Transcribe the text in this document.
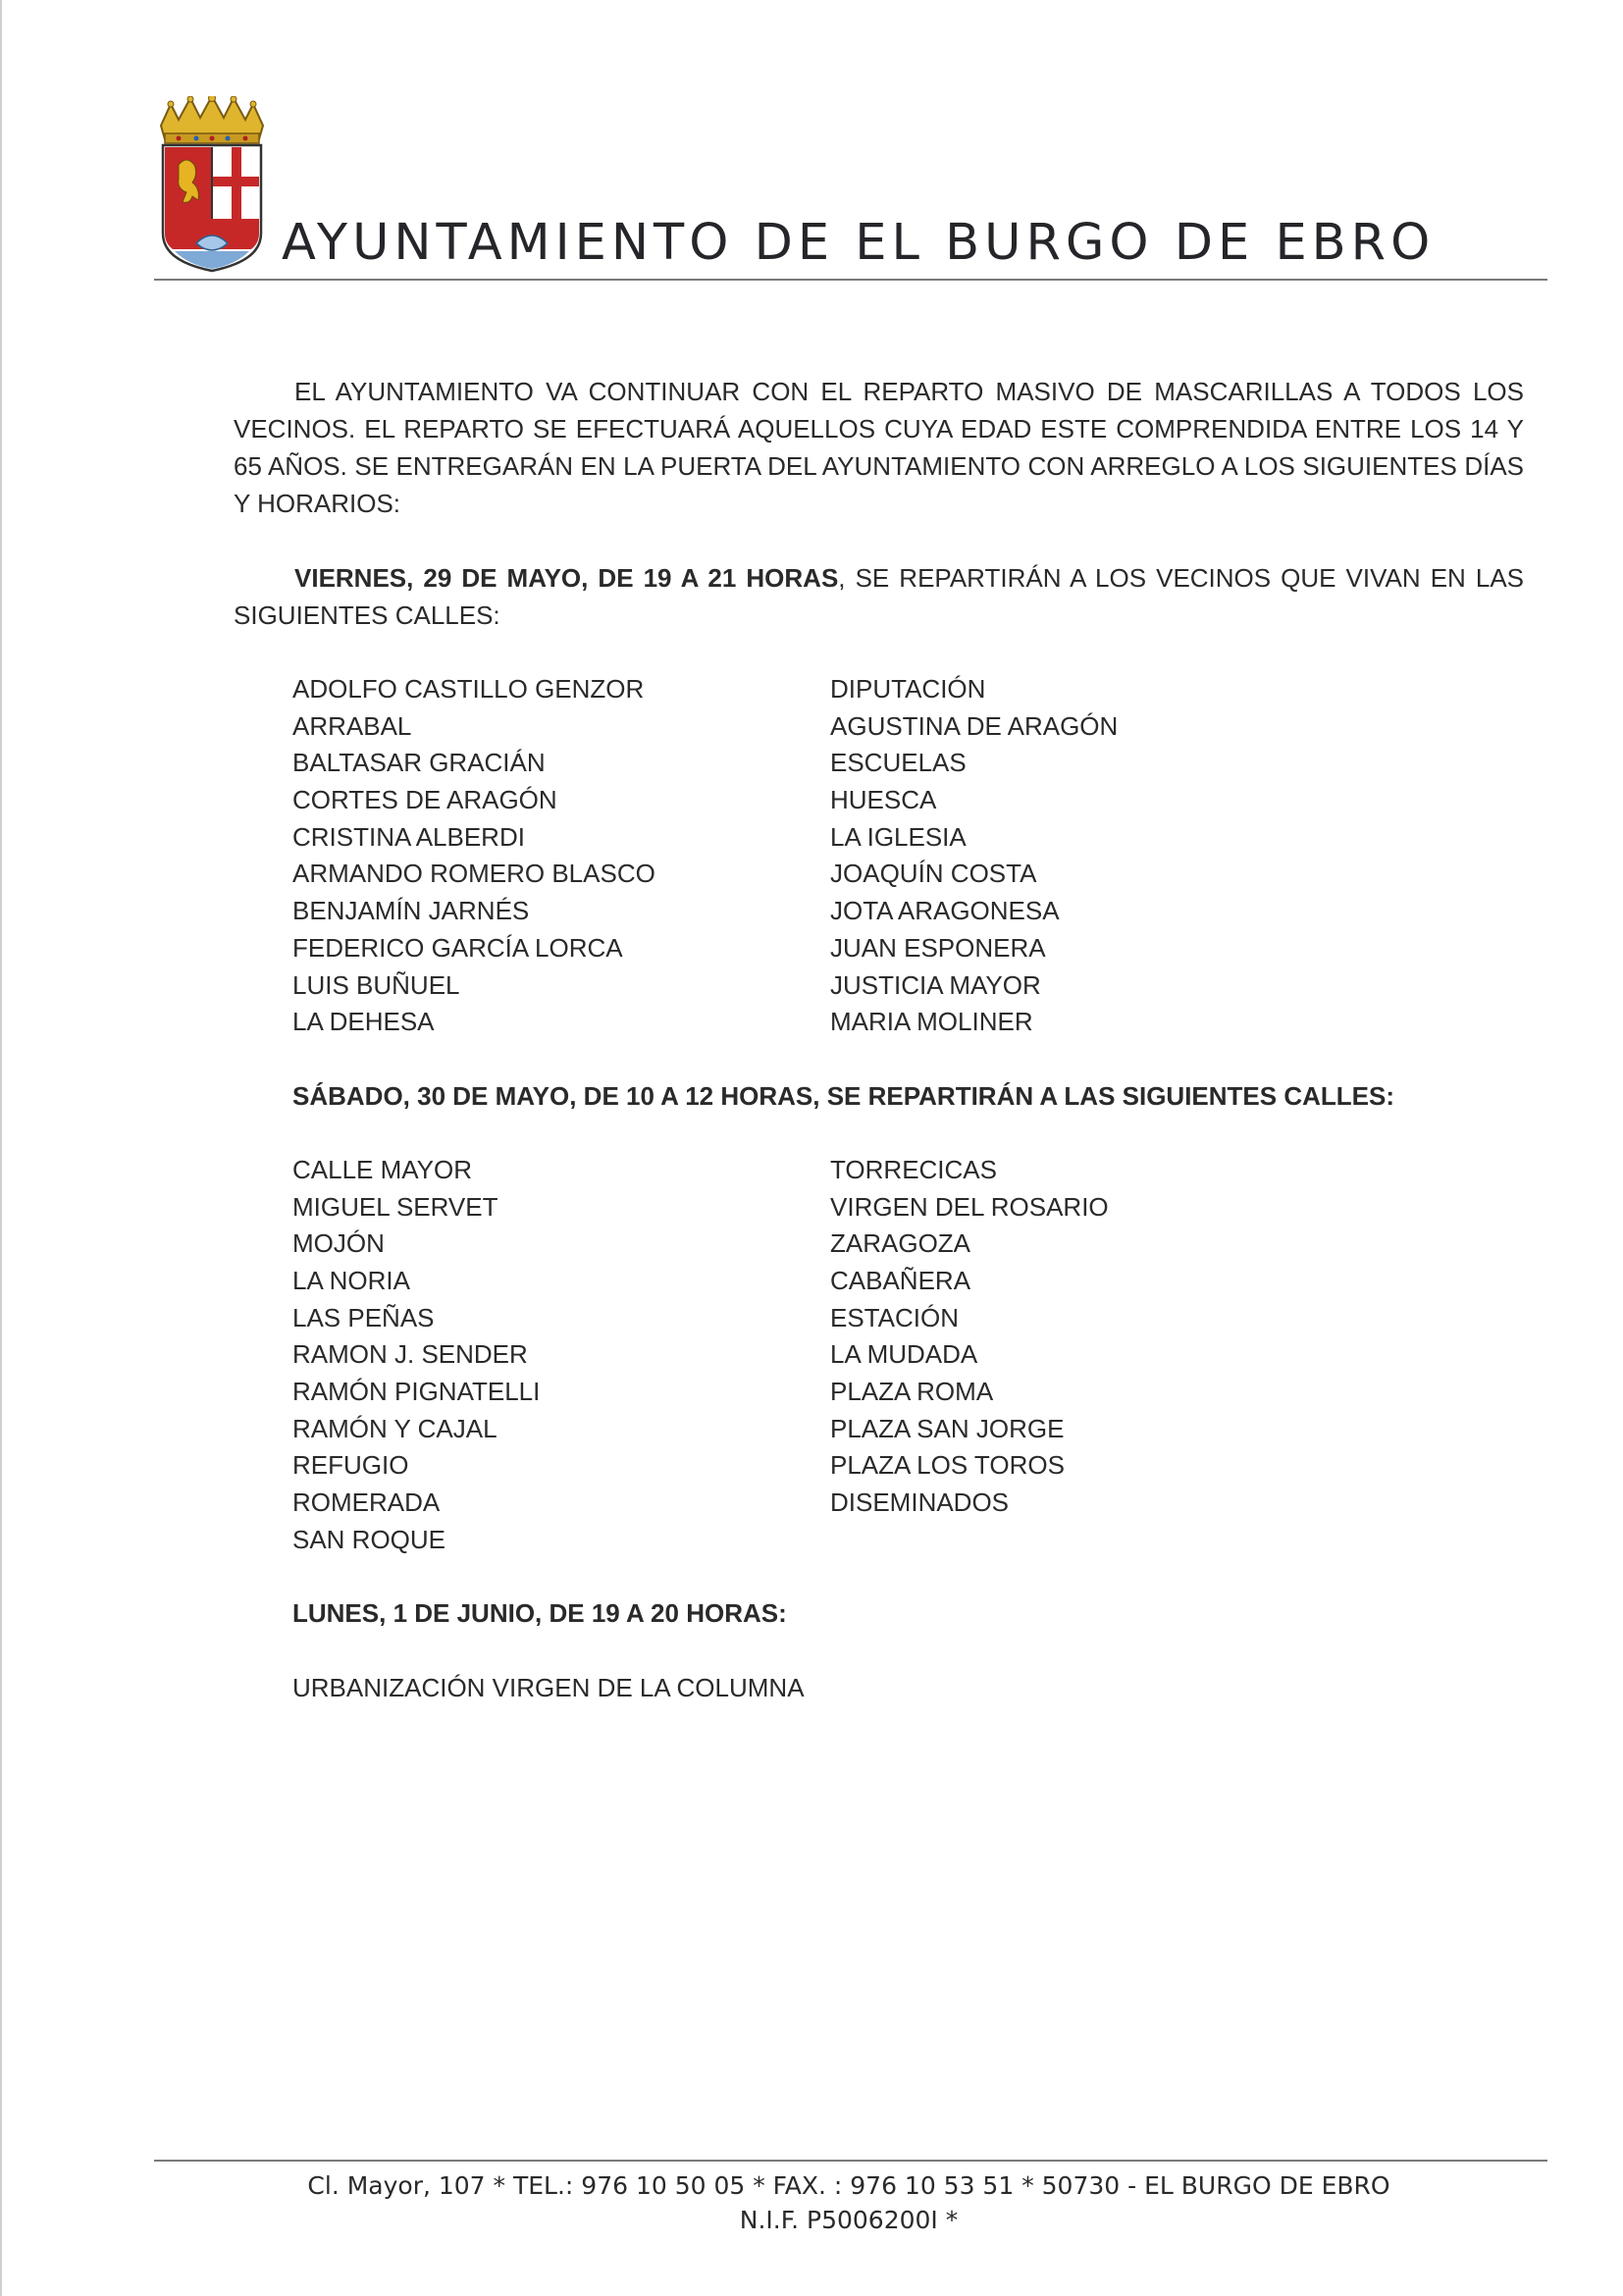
AYUNTAMIENTO DE EL BURGO DE EBRO

EL AYUNTAMIENTO VA CONTINUAR CON EL REPARTO MASIVO DE MASCARILLAS A TODOS LOS VECINOS. EL REPARTO SE EFECTUARÁ AQUELLOS CUYA EDAD ESTE COMPRENDIDA ENTRE LOS 14 Y 65 AÑOS. SE ENTREGARÁN EN LA PUERTA DEL AYUNTAMIENTO CON ARREGLO A LOS SIGUIENTES DÍAS Y HORARIOS:

VIERNES, 29 DE MAYO, DE 19 A 21 HORAS, SE REPARTIRÁN A LOS VECINOS QUE VIVAN EN LAS SIGUIENTES CALLES:

ADOLFO CASTILLO GENZOR
ARRABAL
BALTASAR GRACIÁN
CORTES DE ARAGÓN
CRISTINA ALBERDI
ARMANDO ROMERO BLASCO
BENJAMÍN JARNÉS
FEDERICO GARCÍA LORCA
LUIS BUÑUEL
LA DEHESA
DIPUTACIÓN
AGUSTINA DE ARAGÓN
ESCUELAS
HUESCA
LA IGLESIA
JOAQUÍN COSTA
JOTA ARAGONESA
JUAN ESPONERA
JUSTICIA MAYOR
MARIA MOLINER
SÁBADO, 30 DE MAYO, DE 10 A 12 HORAS, SE REPARTIRÁN A LAS SIGUIENTES CALLES:
CALLE MAYOR
MIGUEL SERVET
MOJÓN
LA NORIA
LAS PEÑAS
RAMON J. SENDER
RAMÓN PIGNATELLI
RAMÓN Y CAJAL
REFUGIO
ROMERADA
SAN ROQUE
TORRECICAS
VIRGEN DEL ROSARIO
ZARAGOZA
CABAÑERA
ESTACIÓN
LA MUDADA
PLAZA ROMA
PLAZA SAN JORGE
PLAZA LOS TOROS
DISEMINADOS
LUNES, 1 DE JUNIO, DE 19 A 20 HORAS:
URBANIZACIÓN VIRGEN DE LA COLUMNA
Cl. Mayor, 107 * TEL.: 976 10 50 05 * FAX. : 976 10 53 51 * 50730 - EL BURGO DE EBRO
N.I.F. P5006200I *
